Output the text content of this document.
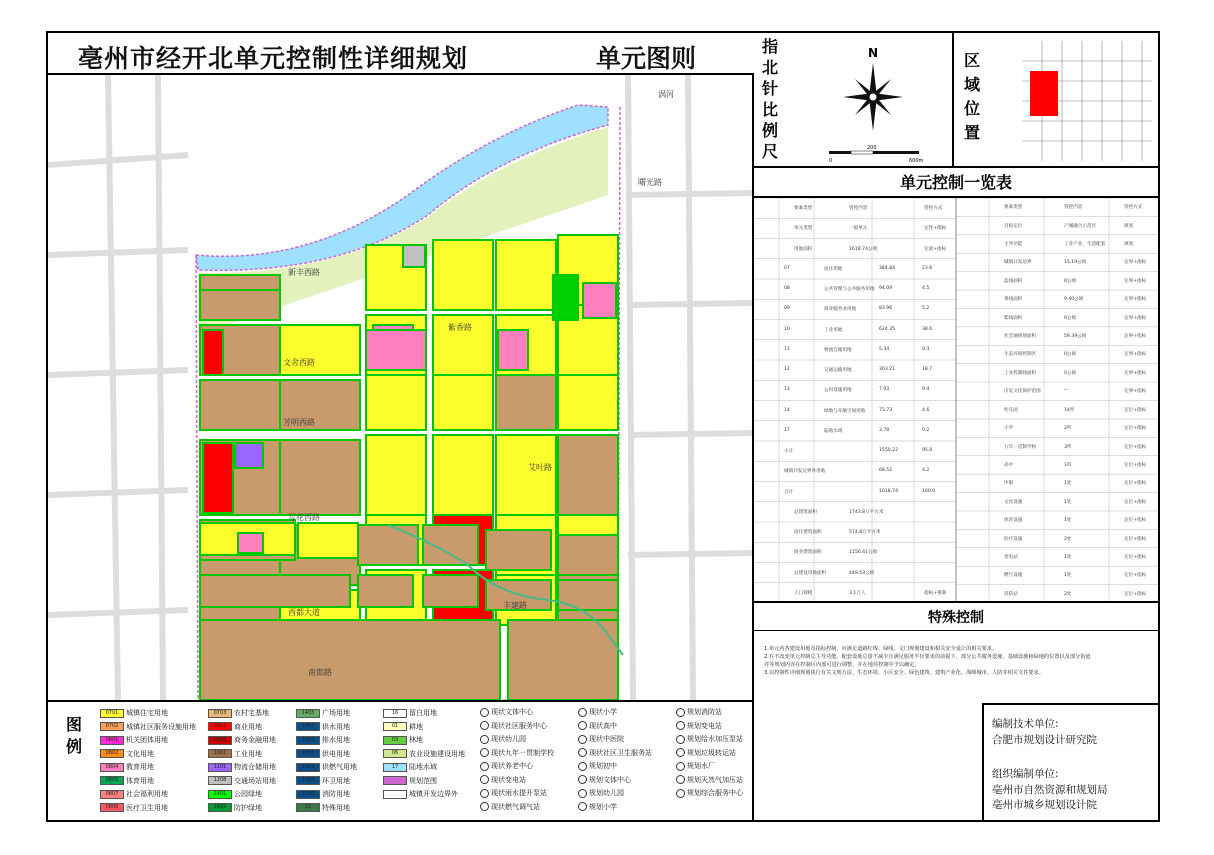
亳州市经开北单元控制性详细规划	单元图则
新丰西路
紫香路
文舍西路
芳明西路
艾叶路
写花西路
西都大道
丰建路
曙光路
涡河
南郎路
图例
0701	城镇住宅用地
0702	城镇社区服务设施用地
0801	机关团体用地
0802	文化用地
0804	教育用地
0805	体育用地
0807	社会福利用地
0806	医疗卫生用地
0703	农村宅基地
0901	商业用地
0902	商务金融用地
1001	工业用地
1101	物流仓储用地
1208	交通场站用地
1401	公园绿地
1402	防护绿地
1403	广场用地
1301	供水用地
1302	排水用地
1303	供电用地
1304	供燃气用地
1309	环卫用地
1310	消防用地
15	特殊用地
16	留白用地
01	耕地
03	林地
06	农业设施建设用地
17	陆地水域
规划范围
城镇开发边界外
现状文体中心
现状社区服务中心
现状幼儿园
现状九年一贯制学校
现状养老中心
现状变电站
现状雨水提升泵站
现状燃气调气站
现状小学
现状高中
现状中医院
现状社区卫生服务站
规划初中
规划文体中心
规划幼儿园
规划小学
规划消防站
规划变电站
规划给水加压泵站
规划垃圾转运站
规划水厂
规划天然气加压站
规划综合服务中心
指
北
针
比
例
尺
N
0
200
600m
区
域
位
置
单元控制一览表
要素类型	管控内容	管控方式
单元类型	一般单元	定性+指标
用地面积	1618.74公顷	定量+指标
07	居住用地	384.84	23.6
08	公共管理与公共服务用地 94.09	4.5
09	商业服务业用地	83.96	5.2
10	工业用地	624.25	38.6
11	物流仓储用地	5.34	0.3
12	交通运输用地	303.21	18.7
13	公用设施用地	7.03	0.4
14	绿地与开敞空间用地	73.73	4.6
17	陆地水域	3.78	0.2
小计	1550.22	95.8
城镇开发边界外用地	68.52	4.2
合计	1618.74	100.0
总建筑面积	1743.8万平方米
居住建筑面积	574.8万平方米
商业建筑面积	1156.41公顷
总建设用地面积	449.53公顷
人口规模	3.1万人	指标+强制
要素类型	管控内容	管控方式
目标定位	产城融合示范区	规划
主导功能	工业产业、生活配套	规划
城镇开发边界	15.19公顷	定界+指标
蓝线面积	0公顷	定界+指标
黄线面积	9.40公顷	定界+指标
紫线面积	0公顷	定界+指标
社会通规划面积	59.39公顷	定界+指标
生态环境控制区	0公顷	定界+指标
工业控制线面积	0公顷	定界+指标
历史文化保护范围	—	定界+指标
幼儿园	14所	定位+指标
小学	2所	定位+指标
九年一贯制学校	3所	定位+指标
高中	1所	定位+指标
中职	1处	定位+指标
文化设施	1处	定位+指标
体育设施	1处	定位+指标
医疗设施	2处	定位+指标
变电站	1处	定位+指标
燃气设施	1处	定位+指标
消防站	2处	定位+指标
特殊控制
1.单元内各建设用地及指标控制，应满足道路红线、绿线、文门规划建设和相关安全退让的相关要求。
2.在不改变单元控制总主导功能、配套设施总量不减少且满足服务半径要求的前提下，部分公共服务设施、基础设施和绿地的位置以及部分街道
详等规划内容在控制区内部可进行调整，并在地块控制中予以确定。
3.以控制性详细规划执行有关文规方法、生态环境、小区安全、绿色建筑、建筑产业化、海绵城市、人防等相关文件要求。
编制技术单位:
合肥市规划设计研究院
组织编制单位:
亳州市自然资源和规划局
亳州市城乡规划设计院
